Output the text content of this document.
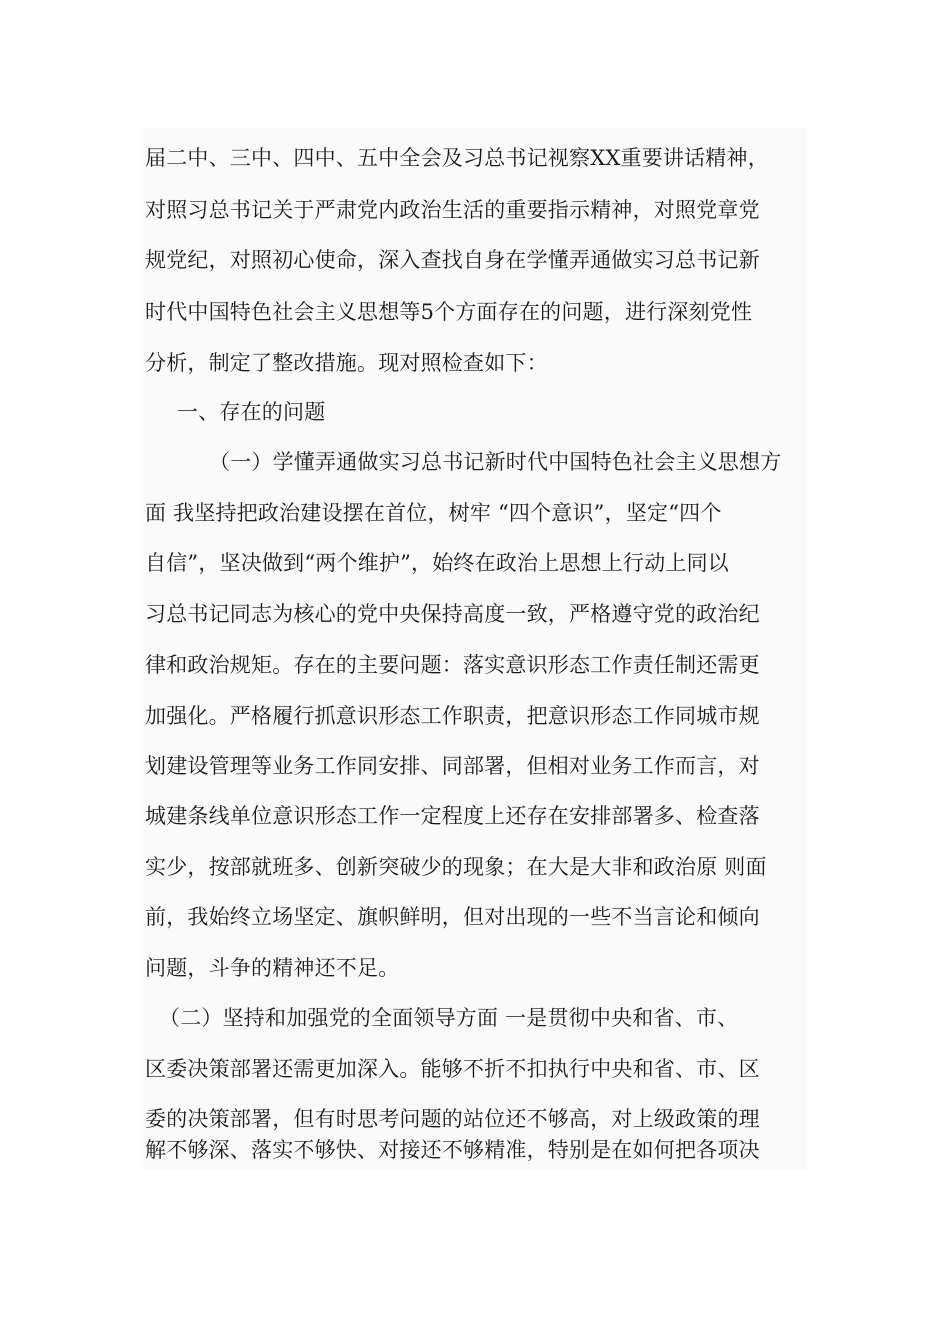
届二中、三中、四中、五中全会及习总书记视察XX重要讲话精神，
对照习总书记关于严肃党内政治生活的重要指示精神，对照党章党
规党纪，对照初心使命，深入查找自身在学懂弄通做实习总书记新
时代中国特色社会主义思想等5个方面存在的问题，进行深刻党性
分析，制定了整改措施。现对照检查如下：
一、存在的问题
（一）学懂弄通做实习总书记新时代中国特色社会主义思想方
面 我坚持把政治建设摆在首位，树牢 “四个意识”，坚定“四个
自信”，坚决做到“两个维护”，始终在政治上思想上行动上同以
习总书记同志为核心的党中央保持高度一致，严格遵守党的政治纪
律和政治规矩。存在的主要问题：落实意识形态工作责任制还需更
加强化。严格履行抓意识形态工作职责，把意识形态工作同城市规
划建设管理等业务工作同安排、同部署，但相对业务工作而言，对
城建条线单位意识形态工作一定程度上还存在安排部署多、检查落
实少，按部就班多、创新突破少的现象；在大是大非和政治原 则面
前，我始终立场坚定、旗帜鲜明，但对出现的一些不当言论和倾向
问题，斗争的精神还不足。
（二）坚持和加强党的全面领导方面 一是贯彻中央和省、市、
区委决策部署还需更加深入。能够不折不扣执行中央和省、市、区
委的决策部署，但有时思考问题的站位还不够高，对上级政策的理
解不够深、落实不够快、对接还不够精准，特别是在如何把各项决
